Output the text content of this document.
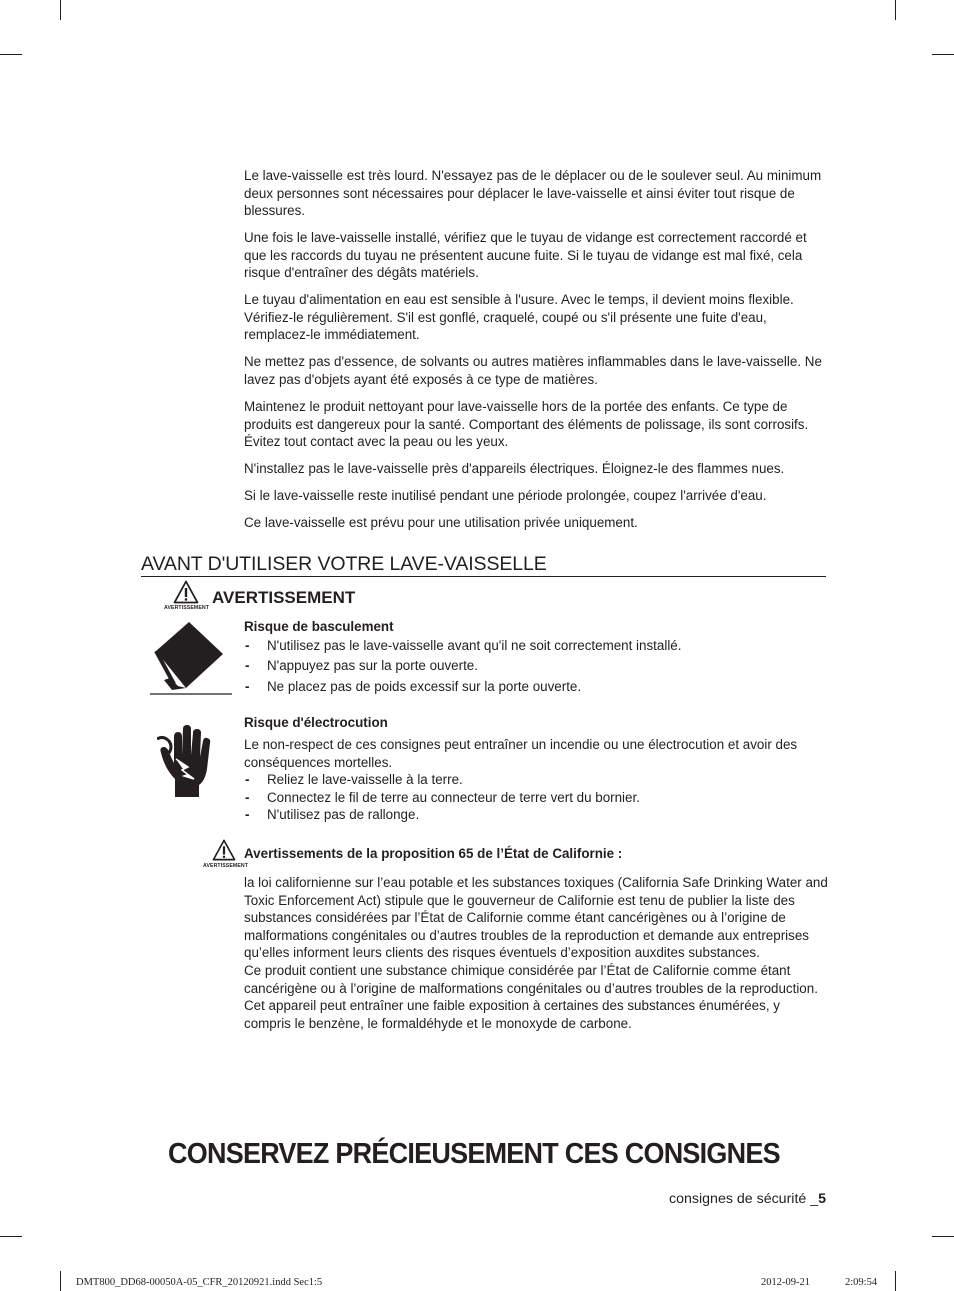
Le lave-vaisselle est très lourd. N'essayez pas de le déplacer ou de le soulever seul. Au minimum deux personnes sont nécessaires pour déplacer le lave-vaisselle et ainsi éviter tout risque de blessures.

Une fois le lave-vaisselle installé, vérifiez que le tuyau de vidange est correctement raccordé et que les raccords du tuyau ne présentent aucune fuite. Si le tuyau de vidange est mal fixé, cela risque d'entraîner des dégâts matériels.

Le tuyau d'alimentation en eau est sensible à l'usure. Avec le temps, il devient moins flexible. Vérifiez-le régulièrement. S'il est gonflé, craquelé, coupé ou s'il présente une fuite d'eau, remplacez-le immédiatement.

Ne mettez pas d'essence, de solvants ou autres matières inflammables dans le lave-vaisselle. Ne lavez pas d'objets ayant été exposés à ce type de matières.

Maintenez le produit nettoyant pour lave-vaisselle hors de la portée des enfants. Ce type de produits est dangereux pour la santé. Comportant des éléments de polissage, ils sont corrosifs. Évitez tout contact avec la peau ou les yeux.

N'installez pas le lave-vaisselle près d'appareils électriques. Éloignez-le des flammes nues.

Si le lave-vaisselle reste inutilisé pendant une période prolongée, coupez l'arrivée d'eau.

Ce lave-vaisselle est prévu pour une utilisation privée uniquement.

AVANT D'UTILISER VOTRE LAVE-VAISSELLE
AVERTISSEMENT
AVERTISSEMENT
Risque de basculement
- N'utilisez pas le lave-vaisselle avant qu'il ne soit correctement installé.
- N'appuyez pas sur la porte ouverte.
- Ne placez pas de poids excessif sur la porte ouverte.
Risque d'électrocution

Le non-respect de ces consignes peut entraîner un incendie ou une électrocution et avoir des conséquences mortelles.

- Reliez le lave-vaisselle à la terre.
- Connectez le fil de terre au connecteur de terre vert du bornier.
- N'utilisez pas de rallonge.
AVERTISSEMENT
Avertissements de la proposition 65 de l’État de Californie :
la loi californienne sur l’eau potable et les substances toxiques (California Safe Drinking Water and Toxic Enforcement Act) stipule que le gouverneur de Californie est tenu de publier la liste des substances considérées par l’État de Californie comme étant cancérigènes ou à l’origine de malformations congénitales ou d’autres troubles de la reproduction et demande aux entreprises qu’elles informent leurs clients des risques éventuels d’exposition auxdites substances.
Ce produit contient une substance chimique considérée par l’État de Californie comme étant cancérigène ou à l’origine de malformations congénitales ou d’autres troubles de la reproduction. Cet appareil peut entraîner une faible exposition à certaines des substances énumérées, y compris le benzène, le formaldéhyde et le monoxyde de carbone.
CONSERVEZ PRÉCIEUSEMENT CES CONSIGNES
consignes de sécurité _5
DMT800_DD68-00050A-05_CFR_20120921.indd Sec1:5	2012-09-21	2:09:54
